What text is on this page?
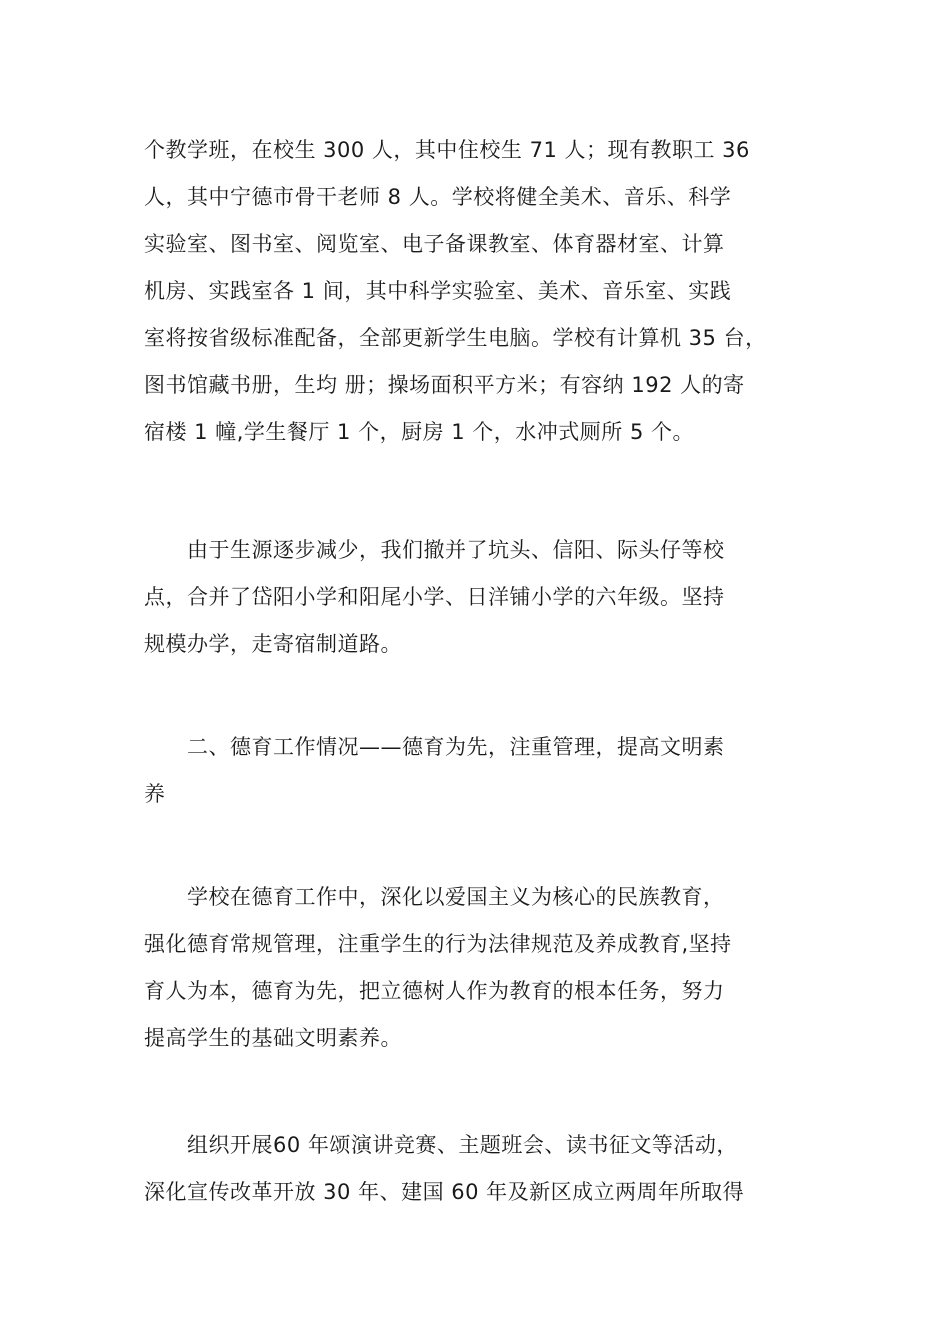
个教学班，在校生 300 人，其中住校生 71 人；现有教职工 36
人，其中宁德市骨干老师 8 人。学校将健全美术、音乐、科学
实验室、图书室、阅览室、电子备课教室、体育器材室、计算
机房、实践室各 1 间，其中科学实验室、美术、音乐室、实践
室将按省级标准配备，全部更新学生电脑。学校有计算机 35 台，
图书馆藏书册，生均 册；操场面积平方米；有容纳 192 人的寄
宿楼 1 幢,学生餐厅 1 个，厨房 1 个，水冲式厕所 5 个。
　　由于生源逐步减少，我们撤并了坑头、信阳、际头仔等校
点，合并了岱阳小学和阳尾小学、日洋铺小学的六年级。坚持
规模办学，走寄宿制道路。
　　二、德育工作情况——德育为先，注重管理，提高文明素
养
　　学校在德育工作中，深化以爱国主义为核心的民族教育，
强化德育常规管理，注重学生的行为法律规范及养成教育,坚持
育人为本，德育为先，把立德树人作为教育的根本任务，努力
提高学生的基础文明素养。
　　组织开展60 年颂演讲竞赛、主题班会、读书征文等活动，
深化宣传改革开放 30 年、建国 60 年及新区成立两周年所取得
